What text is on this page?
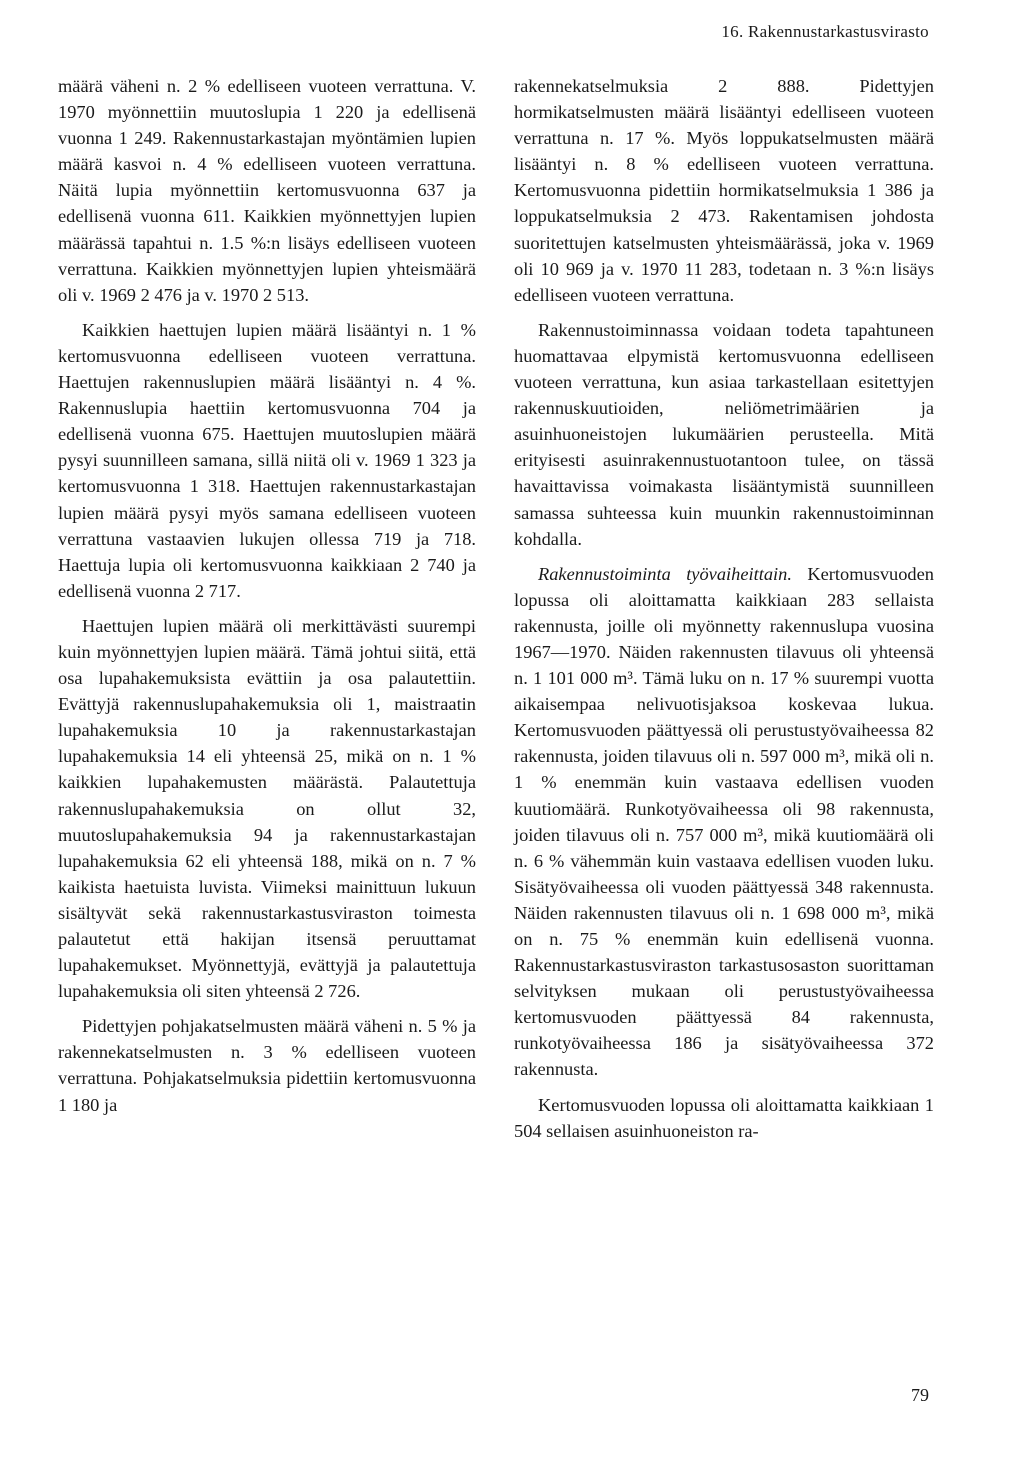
16. Rakennustarkastusvirasto

määrä väheni n. 2 % edelliseen vuoteen verrattuna. V. 1970 myönnettiin muutoslupia 1 220 ja edellisenä vuonna 1 249. Rakennustarkastajan myöntämien lupien määrä kasvoi n. 4 % edelliseen vuoteen verrattuna. Näitä lupia myönnettiin kertomusvuonna 637 ja edellisenä vuonna 611. Kaikkien myönnettyjen lupien määrässä tapahtui n. 1.5 %:n lisäys edelliseen vuoteen verrattuna. Kaikkien myönnettyjen lupien yhteismäärä oli v. 1969 2 476 ja v. 1970 2 513.

Kaikkien haettujen lupien määrä lisääntyi n. 1 % kertomusvuonna edelliseen vuoteen verrattuna. Haettujen rakennuslupien määrä lisääntyi n. 4 %. Rakennuslupia haettiin kertomusvuonna 704 ja edellisenä vuonna 675. Haettujen muutoslupien määrä pysyi suunnilleen samana, sillä niitä oli v. 1969 1 323 ja kertomusvuonna 1 318. Haettujen rakennustarkastajan lupien määrä pysyi myös samana edelliseen vuoteen verrattuna vastaavien lukujen ollessa 719 ja 718. Haettuja lupia oli kertomusvuonna kaikkiaan 2 740 ja edellisenä vuonna 2 717.

Haettujen lupien määrä oli merkittävästi suurempi kuin myönnettyjen lupien määrä. Tämä johtui siitä, että osa lupahakemuksista evättiin ja osa palautettiin. Evättyjä rakennuslupahakemuksia oli 1, maistraatin lupahakemuksia 10 ja rakennustarkastajan lupahakemuksia 14 eli yhteensä 25, mikä on n. 1 % kaikkien lupahakemusten määrästä. Palautettuja rakennuslupahakemuksia on ollut 32, muutoslupahakemuksia 94 ja rakennustarkastajan lupahakemuksia 62 eli yhteensä 188, mikä on n. 7 % kaikista haetuista luvista. Viimeksi mainittuun lukuun sisältyvät sekä rakennustarkastusviraston toimesta palautetut että hakijan itsensä peruuttamat lupahakemukset. Myönnettyjä, evättyjä ja palautettuja lupahakemuksia oli siten yhteensä 2 726.

Pidettyjen pohjakatselmusten määrä väheni n. 5 % ja rakennekatselmusten n. 3 % edelliseen vuoteen verrattuna. Pohjakatselmuksia pidettiin kertomusvuonna 1 180 ja

rakennekatselmuksia 2 888. Pidettyjen hormikatselmusten määrä lisääntyi edelliseen vuoteen verrattuna n. 17 %. Myös loppukatselmusten määrä lisääntyi n. 8 % edelliseen vuoteen verrattuna. Kertomusvuonna pidettiin hormikatselmuksia 1 386 ja loppukatselmuksia 2 473. Rakentamisen johdosta suoritettujen katselmusten yhteismäärässä, joka v. 1969 oli 10 969 ja v. 1970 11 283, todetaan n. 3 %:n lisäys edelliseen vuoteen verrattuna.

Rakennustoiminnassa voidaan todeta tapahtuneen huomattavaa elpymistä kertomusvuonna edelliseen vuoteen verrattuna, kun asiaa tarkastellaan esitettyjen rakennuskuutioiden, neliömetrimäärien ja asuinhuoneistojen lukumäärien perusteella. Mitä erityisesti asuinrakennustuotantoon tulee, on tässä havaittavissa voimakasta lisääntymistä suunnilleen samassa suhteessa kuin muunkin rakennustoiminnan kohdalla.

Rakennustoiminta työvaiheittain. Kertomusvuoden lopussa oli aloittamatta kaikkiaan 283 sellaista rakennusta, joille oli myönnetty rakennuslupa vuosina 1967—1970. Näiden rakennusten tilavuus oli yhteensä n. 1 101 000 m³. Tämä luku on n. 17 % suurempi vuotta aikaisempaa nelivuotisjaksoa koskevaa lukua. Kertomusvuoden päättyessä oli perustustyövaiheessa 82 rakennusta, joiden tilavuus oli n. 597 000 m³, mikä oli n. 1 % enemmän kuin vastaava edellisen vuoden kuutiomäärä. Runkotyövaiheessa oli 98 rakennusta, joiden tilavuus oli n. 757 000 m³, mikä kuutiomäärä oli n. 6 % vähemmän kuin vastaava edellisen vuoden luku. Sisätyövaiheessa oli vuoden päättyessä 348 rakennusta. Näiden rakennusten tilavuus oli n. 1 698 000 m³, mikä on n. 75 % enemmän kuin edellisenä vuonna. Rakennustarkastusviraston tarkastusosaston suorittaman selvityksen mukaan oli perustustyövaiheessa kertomusvuoden päättyessä 84 rakennusta, runkotyövaiheessa 186 ja sisätyövaiheessa 372 rakennusta.

Kertomusvuoden lopussa oli aloittamatta kaikkiaan 1 504 sellaisen asuinhuoneiston ra-

79
